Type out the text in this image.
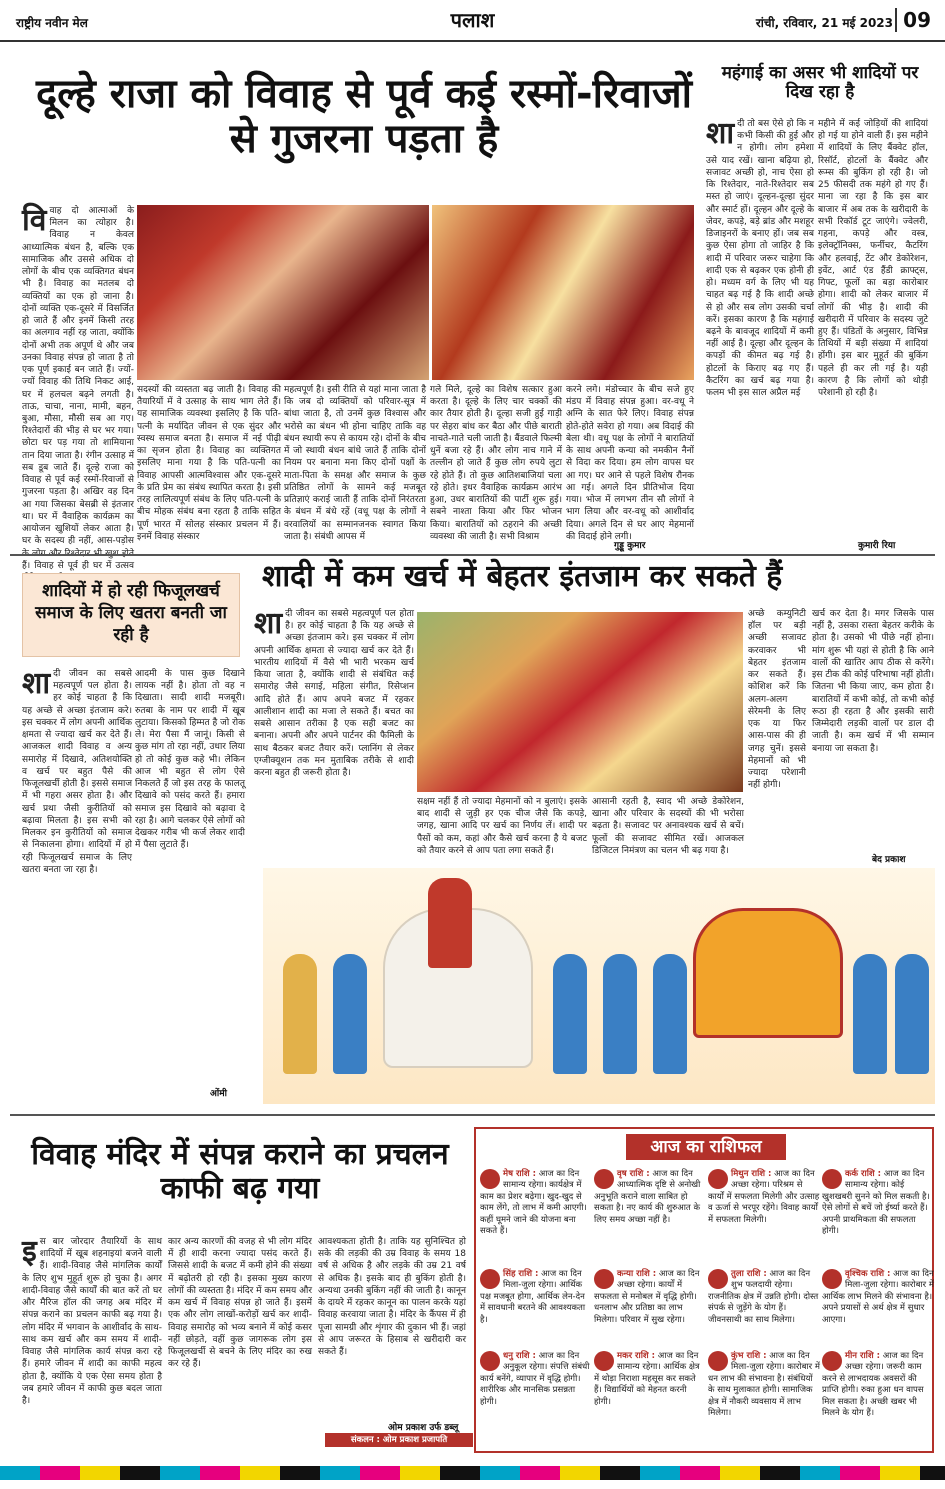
राष्ट्रीय नवीन मेल	पलाश	रांची, रविवार, 21 मई 2023 09
दूल्हे राजा को विवाह से पूर्व कई रस्मों-रिवाजों से गुजरना पड़ता है
विवाह दो आत्माओं के मिलन का त्योहार है। विवाह न केवल आध्यात्मिक बंधन है, बल्कि एक सामाजिक और उससे अधिक दो लोगों के बीच एक व्यक्तिगत बंधन भी है। विवाह का मतलब दो व्यक्तियों का एक हो जाना है। दोनों व्यक्ति एक-दूसरे में विसर्जित हो जाते हैं और इनमें किसी तरह का अलगाव नहीं रह जाता, क्योंकि दोनों अभी तक अपूर्ण थे और जब उनका विवाह संपन्न हो जाता है तो एक पूर्ण इकाई बन जाते हैं। ज्यों-ज्यों विवाह की तिथि निकट आई, घर में हलचल बढ़ने लगती है। ताऊ, चाचा, नाना, मामी, बहन, बुआ, मौसा, मौसी सब आ गए। रिश्तेदारों की भीड़ से घर भर गया। छोटा घर पड़ गया तो शामियाना तान दिया जाता है। रंगीन उत्साह में सब डूब जाते हैं। दूल्हे राजा को विवाह से पूर्व कई रस्मों-रिवाजों से गुजरना पड़ता है। अखिर वह दिन आ गया जिसका बेसब्री से इंतजार था। घर में वैवाहिक कार्यक्रम का आयोजन खुशियों लेकर आता है। घर के सदस्य ही नहीं, आस-पड़ोस हैं। विवाह से पूर्व ही घर में उत्सव
सदस्यों की व्यस्तता बढ़ जाती है। विवाह की तैयारियों में वे उत्साह के साथ भाग लेते हैं। यह सामाजिक व्यवस्था इसलिए है कि पति-पत्नी के मर्यादित जीवन से एक सुंदर और स्वस्थ समाज बनता है। समाज में नई पीढ़ी का सृजन होता है। विवाह का व्यक्तिगत इसलिए माना गया है कि पति-पत्नी का विवाह आपसी आत्मविश्वास और एक-दूसरे के प्रति प्रेम का संबंध स्थापित करता है। इसी तरह लालित्यपूर्ण संबंध के लिए पति-पत्नी के बीच मोहक संबंध बना रहता है ताकि सहित पूर्ण भारत में सोलह संस्कार प्रचलन में हैं। इनमें विवाह संस्कार
महत्वपूर्ण है। इसी रीति से यहां माना जाता है कि जब दो व्यक्तियों को परिवार-सूत्र में बांधा जाता है, तो उनमें कुछ विश्वास और भरोसे का बंधन भी होना चाहिए ताकि वह बंधन स्थायी रूप से कायम रहे। दोनों के बीच में जो स्थायी बंधन बांधे जाते हैं ताकि दोनों नियम पर बनाना मना किए दोनों पक्षों के माता-पिता के समक्ष और समाज के कुछ प्रतिष्ठित लोगों के सामने कई मजबूत प्रतिज्ञाएं कराई जाती हैं ताकि दोनों निरंतरता के बंधन में बंधे रहें (वधू पक्ष के लोगों ने वरवालियों का सम्मानजनक स्वागत किया जाता है। संबंधी आपस में
गले मिले, दूल्हे का विशेष सत्कार हुआ करता है। दूल्हे के लिए चार चक्कों की कार तैयार होती है। दूल्हा सजी हुई गाड़ी पर सेहरा बांध कर बैठा और पीछे बाराती नाचते-गाते चली जाती है। बैंडवाले फिल्मी धुनें बजा रहे हैं। और लोग नाच गाने में तल्लीन हो जाते हैं कुछ लोग रुपये लुटा रहे होते हैं। तो कुछ आतिशबाजियां चला रहे होते। इधर वैवाहिक कार्यक्रम आरंभ हुआ, उधर बारातियों की पार्टी शुरू हुई। सबने नाश्ता किया और फिर भोजन किया। बारातियों को ठहराने की अच्छी व्यवस्था की जाती है। सभी विश्राम
करने लगे। मंडोच्चार के बीच सजे हुए मंडप में विवाह संपन्न हुआ। वर-वधू ने अग्नि के सात फेरे लिए। विवाह संपन्न होते-होते सवेरा हो गया। अब विदाई की बेला थी। वधू पक्ष के लोगों ने बारातियों के साथ अपनी कन्या को नमकीन नैनों से विदा कर दिया। हम लोग वापस घर आ गए। घर आने से पहले विशेष रौनक आ गई। अगले दिन प्रीतिभोज दिया गया। भोज में लगभग तीन सौ लोगों ने भाग लिया और वर-वधू को आशीर्वाद दिया। अगले दिन से घर आए मेहमानों की विदाई होने लगी।
गुड्डू कुमार
महंगाई का असर भी शादियों पर दिख रहा है
शादी तो बस ऐसे हो कि न कभी किसी की हुई और न होगी। लोग हमेशा उसे याद रखें। खाना बढ़िया हो, सजावट अच्छी हो, नाच ऐसा हो कि रिश्तेदार, नाते-रिश्तेदार सब मस्त हो जाएं। दूल्हन-दूल्हा सुंदर और स्मार्ट हों। दूल्हन और दूल्हे के जेवर, कपड़े, बड़े ब्रांड और मशहूर डिजाइनरों के बनाए हों। जब सब कुछ ऐसा होगा तो जाहिर है कि शादी में परिवार जरूर चाहेगा कि शादी एक से बढ़कर एक होनी ही हो। मध्यम वर्ग के लिए भी यह चाहत बढ़ गई है कि शादी अच्छे से हो और सब लोग उसकी चर्चा करें। इसका कारण है कि महंगाई बढ़ने के बावजूद शादियों में कमी नहीं आई है। दूल्हा और दूल्हन के कपड़ों की कीमत बढ़ गई है। होटलों के किराए बढ़ गए हैं। कैटरिंग का खर्च बढ़ गया है। फलम भी इस साल अप्रैल मई
महीने में कई जोड़ियों की शादियां हो गई या होने वाली हैं। इस महीने में शादियों के लिए बैंक्वेट हॉल, रिसॉर्ट, होटलों के बैंक्वेट और रूम्स की बुकिंग हो रही है। जो 25 फीसदी तक महंगे हो गए हैं। माना जा रहा है कि इस बार बाजार में अब तक के खरीदारी के सभी रिकॉर्ड टूट जाएंगे। ज्वेलरी, गहना, कपड़े और वस्त्र, इलेक्ट्रॉनिक्स, फर्नीचर, कैटरिंग और हलवाई, टेंट और डेकोरेशन, इवेंट, आर्ट एंड हैंडी क्राफ्ट्स, गिफ्ट, फूलों का बड़ा कारोबार होगा। शादी को लेकर बाजार में लोगों की भीड़ है। शादी की खरीदारी में परिवार के सदस्य जुटे हुए हैं। पंडितों के अनुसार, विभिन्न तिथियों में बड़ी संख्या में शादियां होंगी। इस बार मुहूर्त की बुकिंग पहले ही कर ली गई है। यही कारण है कि लोगों को थोड़ी परेशानी हो रही है।
कुमारी रिया
शादियों में हो रही फिजूलखर्च समाज के लिए खतरा बनती जा रही है
शादी जीवन का सबसे महत्वपूर्ण पल होता है। हर कोई चाहता है कि यह अच्छे से अच्छा इंतजाम करे। इस चक्कर में लोग अपनी आर्थिक क्षमता से ज्यादा खर्च कर देते हैं। आजकल शादी विवाह व अन्य समारोह में दिखावे, अतिशयोक्ति व खर्च पर बहुत पैसे की फिजूलखर्ची होती है। इससे समाज में भी गहरा असर होता है। और खर्च प्रथा जैसी कुरीतियों को बढ़ावा मिलता है। इस सभी को मिलकर इन कुरीतियों को समाज से निकालना होगा। शादियों में हो रही फिजूलखर्च समाज के लिए खतरा बनता जा रहा है।
आदमी के पास कुछ दिखाने लायक नहीं है। होता तो वह न दिखाता। सादी शादी मजबूरी। रुतबा के नाम पर शादी में खूब लुटाया। किसको हिम्मत है जो रोक ले। मेरा पैसा मैं जानूं। किसी से कुछ मांग तो रहा नहीं, उधार लिया हो तो कोई कुछ कहे भी। लेकिन आज भी बहुत से लोग ऐसे निकलते हैं जो इस तरह के फालतू दिखावे को पसंद करते हैं। हमारा समाज इस दिखावे को बढ़ावा दे रहा है। आगे चलकर ऐसे लोगों को देखकर गरीब भी कर्ज लेकर शादी में पैसा लुटाते हैं।
ओंमी
शादी में कम खर्च में बेहतर इंतजाम कर सकते हैं
शादी जीवन का सबसे महत्वपूर्ण पल होता है। हर कोई चाहता है कि यह अच्छे से अच्छा इंतजाम करे। इस चक्कर में लोग अपनी आर्थिक क्षमता से ज्यादा खर्च कर देते हैं। भारतीय शादियों में वैसे भी भारी भरकम खर्च किया जाता है, क्योंकि शादी से संबंधित कई समारोह जैसे सगाई, महिला संगीत, रिसेप्शन आदि होते हैं। आप अपने बजट में रहकर आलीशान शादी का मजा ले सकते हैं। बचत का सबसे आसान तरीका है एक सही बजट का बनाना। अपनी और अपने पार्टनर की फैमिली के साथ बैठकर बजट तैयार करें। प्लानिंग से लेकर एग्जीक्यूशन तक मन मुताबिक तरीके से शादी करना बहुत ही जरूरी होता है।
अच्छे कम्युनिटी हॉल पर बड़ी अच्छी सजावट करवाकर भी बेहतर इंतजाम कर सकते हैं। कोशिश करें कि अलग-अलग सेरेमनी के लिए एक या फिर आस-पास की ही जगह चुनें। इससे मेहमानों को भी ज्यादा परेशानी नहीं होगी।
खर्च कर देता है। मगर जिसके पास नहीं है, उसका रास्ता बेहतर करीके के होता है। उसको भी पीछे नहीं होना। मांग शुरू भी यहां से होती है कि आने वालों की खातिर आप ठीक से करेंगे। इस टीक की कोई परिभाषा नहीं होती। जितना भी किया जाए, कम होता है। बारातियों में कभी कोई, तो कभी कोई रूठा ही रहता है और इसकी सारी जिम्मेदारी लड़की वालों पर डाल दी जाती है। कम खर्च में भी सम्मान बनाया जा सकता है।
सक्षम नहीं हैं तो ज्यादा मेहमानों को न बुलाएं। इसके बाद शादी से जुड़ी हर एक चीज जैसे कि कपड़े, जगह, खाना आदि पर खर्च का निर्णय लें। शादी पर पैसों को कम, कहां और कैसे खर्च करना है ये बजट को तैयार करने से आप पता लगा सकते हैं।
आसानी रहती है, स्वाद भी अच्छे डेकोरेशन, खाना और परिवार के सदस्यों की भी भरोसा बढ़ता है। सजावट पर अनावश्यक खर्च से बचें। फूलों की सजावट सीमित रखें। आजकल डिजिटल निमंत्रण का चलन भी बढ़ गया है।
बेद प्रकाश
विवाह मंदिर में संपन्न कराने का प्रचलन काफी बढ़ गया
इस बार जोरदार तैयारियों के साथ शादियों में खूब शहनाइयां बजने वाली हैं। शादी-विवाह जैसे मांगलिक कार्यों के लिए शुभ मुहूर्त शुरू हो चुका है। अगर शादी-विवाह जैसे कार्यों की बात करें तो घर और मैरिज हॉल की जगह अब मंदिर में संपन्न कराने का प्रचलन काफी बढ़ गया है। लोग मंदिर में भगवान के आशीर्वाद के साथ-साथ कम खर्च और कम समय में शादी-विवाह जैसे मांगलिक कार्य संपन्न करा रहे हैं। हमारे जीवन में शादी का काफी महत्व होता है, क्योंकि ये एक ऐसा समय होता है जब हमारे जीवन में काफी कुछ बदल जाता है।
कार अन्य कारणों की वजह से भी लोग मंदिर में ही शादी करना ज्यादा पसंद करते हैं। जिससे शादी के बजट में कमी होने की संख्या में बढ़ोतरी हो रही है। इसका मुख्य कारण लोगों की व्यस्तता है। मंदिर में कम समय और कम खर्च में विवाह संपन्न हो जाते हैं। इसमें एक और लोग लाखों-करोड़ों खर्च कर शादी-विवाह समारोह को भव्य बनाने में कोई कसर नहीं छोड़ते, वहीं कुछ जागरूक लोग इस फिजूलखर्ची से बचने के लिए मंदिर का रुख कर रहे हैं।
आवश्यकता होती है। ताकि यह सुनिश्चित हो सके की लड़की की उम्र विवाह के समय 18 वर्ष से अधिक है और लड़के की उम्र 21 वर्ष से अधिक है। इसके बाद ही बुकिंग होती है। अन्यथा उनकी बुकिंग नहीं की जाती है। कानून के दायरे में रहकर कानून का पालन करके यहां विवाह करवाया जाता है। मंदिर के कैंपस में ही पूजा सामग्री और शृंगार की दुकान भी हैं। जहां से आप जरूरत के हिसाब से खरीदारी कर सकते हैं।
ओम प्रकाश उर्फ डब्लू
संकलन : ओम प्रकाश प्रजापति
आज का राशिफल
मेष राशि : आज का दिन सामान्य रहेगा। कार्यक्षेत्र में काम का प्रेशर बढ़ेगा। खुद-खुद से काम लेंगे, तो लाभ में कमी आएगी। कहीं घूमने जाने की योजना बना सकते हैं।
वृष राशि : आज का दिन आध्यात्मिक दृष्टि से अनोखी अनुभूति कराने वाला साबित हो सकता है। नए कार्य की शुरुआत के लिए समय अच्छा नहीं है।
मिथुन राशि : आज का दिन अच्छा रहेगा। परिश्रम से कार्यों में सफलता मिलेगी और उत्साह व ऊर्जा से भरपूर रहेंगे। विवाह कार्यों में सफलता मिलेगी।
कर्क राशि : आज का दिन सामान्य रहेगा। कोई खुशखबरी सुनने को मिल सकती है। ऐसे लोगों से बचें जो ईर्ष्या करते हैं। अपनी प्राथमिकता की सफलता होगी।
सिंह राशि : आज का दिन मिला-जुला रहेगा। आर्थिक पक्ष मजबूत होगा, आर्थिक लेन-देन में सावधानी बरतने की आवश्यकता है।
कन्या राशि : आज का दिन अच्छा रहेगा। कार्यों में सफलता से मनोबल में वृद्धि होगी। धनलाभ और प्रतिष्ठा का लाभ मिलेगा। परिवार में सुख रहेगा।
तुला राशि : आज का दिन शुभ फलदायी रहेगा। राजनीतिक क्षेत्र में उन्नति होगी। दोस्त संपर्क से जुड़ेंगे के योग हैं। जीवनसाथी का साथ मिलेगा।
वृश्चिक राशि : आज का दिन मिला-जुला रहेगा। कारोबार में आर्थिक लाभ मिलने की संभावना है। अपने प्रयासों से अर्थ क्षेत्र में सुधार आएगा।
धनु राशि : आज का दिन अनुकूल रहेगा। संपत्ति संबंधी कार्य बनेंगे, व्यापार में वृद्धि होगी। शारीरिक और मानसिक प्रसन्नता होगी।
मकर राशि : आज का दिन सामान्य रहेगा। आर्थिक क्षेत्र में थोड़ा निराशा महसूस कर सकते हैं। विद्यार्थियों को मेहनत करनी होगी।
कुंभ राशि : आज का दिन मिला-जुला रहेगा। कारोबार में धन लाभ की संभावना है। संबंधियों के साथ मुलाकात होगी। सामाजिक क्षेत्र में नौकरी व्यवसाय में लाभ मिलेगा।
मीन राशि : आज का दिन अच्छा रहेगा। जरूरी काम करने से लाभदायक अवसरों की प्राप्ति होगी। रुका हुआ धन वापस मिल सकता है। अच्छी खबर भी मिलने के योग हैं।
